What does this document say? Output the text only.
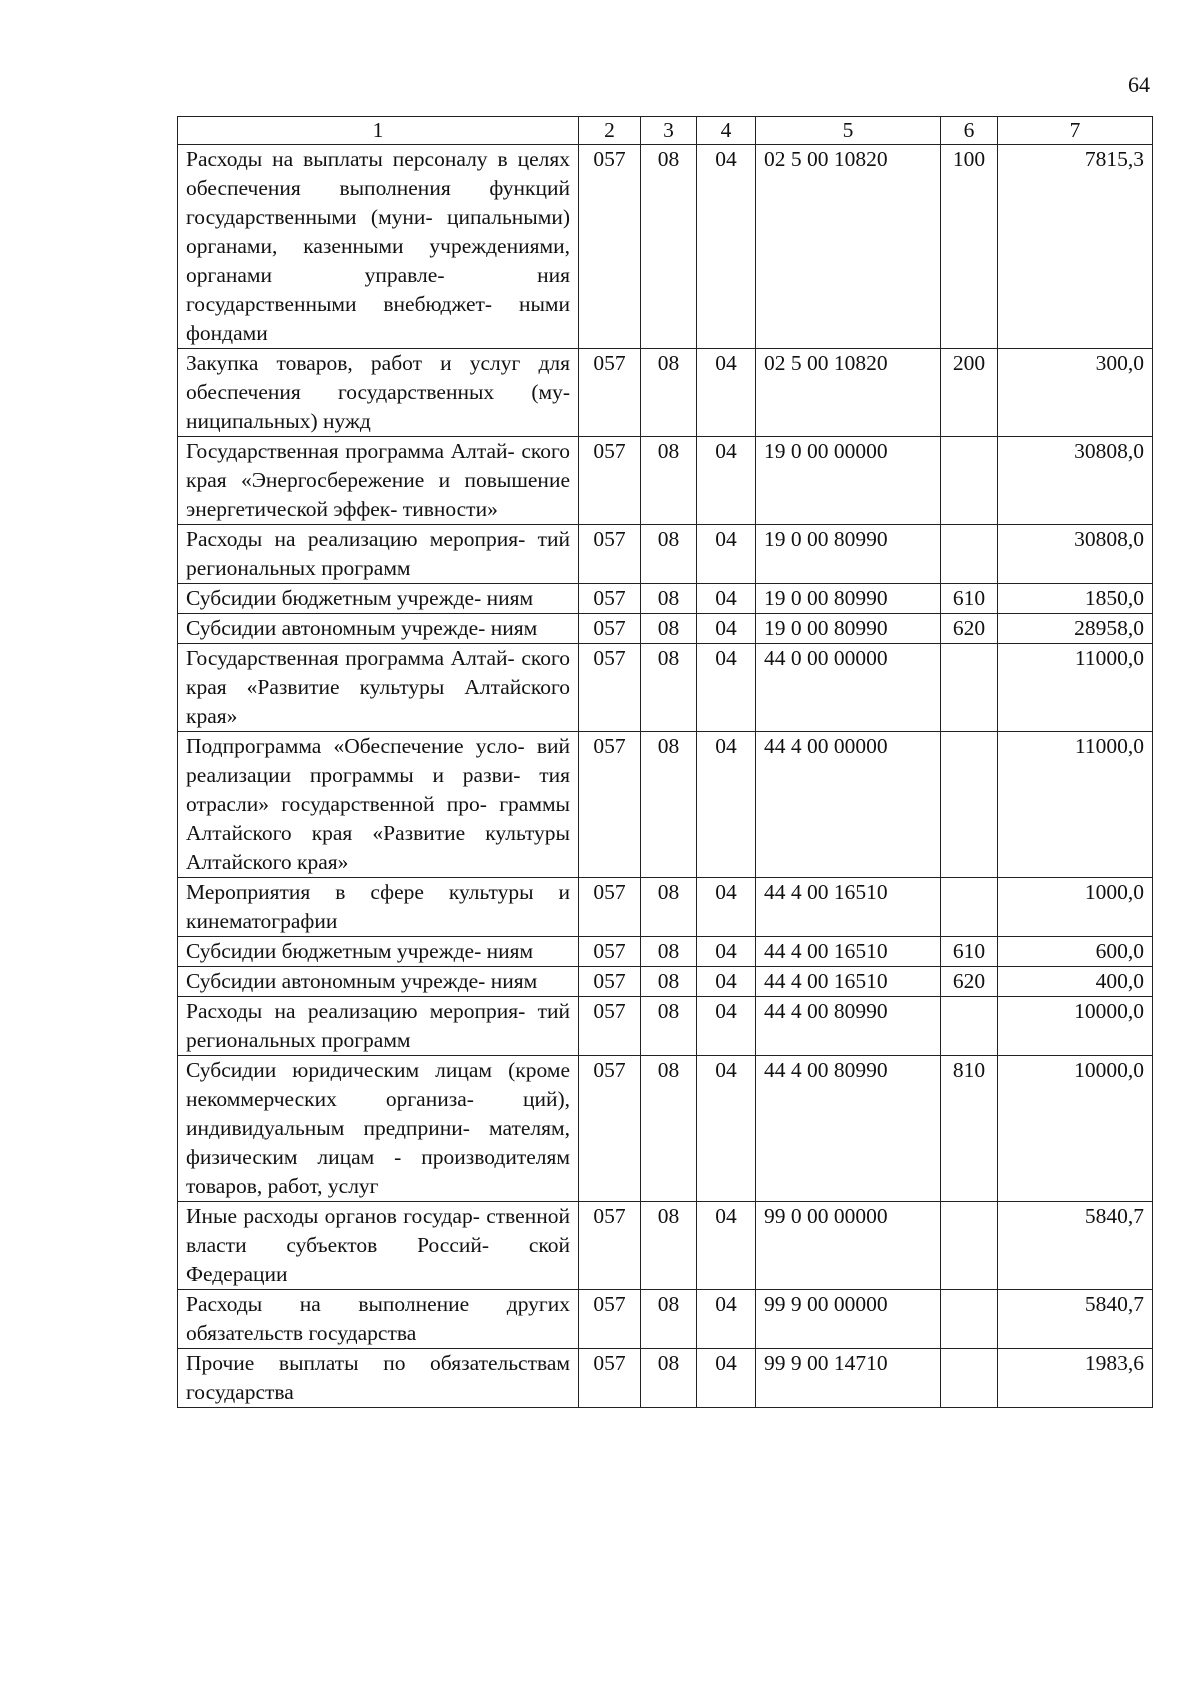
64
1	2	3	4	5	6	7
Расходы на выплаты персоналу в целях обеспечения выполнения функций государственными (муни- ципальными) органами, казенными учреждениями, органами управле- ния государственными внебюджет- ными фондами	057	08	04	02 5 00 10820	100	7815,3
Закупка товаров, работ и услуг для обеспечения государственных (му- ниципальных) нужд	057	08	04	02 5 00 10820	200	300,0
Государственная программа Алтай- ского края «Энергосбережение и повышение энергетической эффек- тивности»	057	08	04	19 0 00 00000		30808,0
Расходы на реализацию мероприя- тий региональных программ	057	08	04	19 0 00 80990		30808,0
Субсидии бюджетным учрежде- ниям	057	08	04	19 0 00 80990	610	1850,0
Субсидии автономным учрежде- ниям	057	08	04	19 0 00 80990	620	28958,0
Государственная программа Алтай- ского края «Развитие культуры Алтайского края»	057	08	04	44 0 00 00000		11000,0
Подпрограмма «Обеспечение усло- вий реализации программы и разви- тия отрасли» государственной про- граммы Алтайского края «Развитие культуры Алтайского края»	057	08	04	44 4 00 00000		11000,0
Мероприятия в сфере культуры и кинематографии	057	08	04	44 4 00 16510		1000,0
Субсидии бюджетным учрежде- ниям	057	08	04	44 4 00 16510	610	600,0
Субсидии автономным учрежде- ниям	057	08	04	44 4 00 16510	620	400,0
Расходы на реализацию мероприя- тий региональных программ	057	08	04	44 4 00 80990		10000,0
Субсидии юридическим лицам (кроме некоммерческих организа- ций), индивидуальным предприни- мателям, физическим лицам - производителям товаров, работ, услуг	057	08	04	44 4 00 80990	810	10000,0
Иные расходы органов государ- ственной власти субъектов Россий- ской Федерации	057	08	04	99 0 00 00000		5840,7
Расходы на выполнение других обязательств государства	057	08	04	99 9 00 00000		5840,7
Прочие выплаты по обязательствам государства	057	08	04	99 9 00 14710		1983,6
